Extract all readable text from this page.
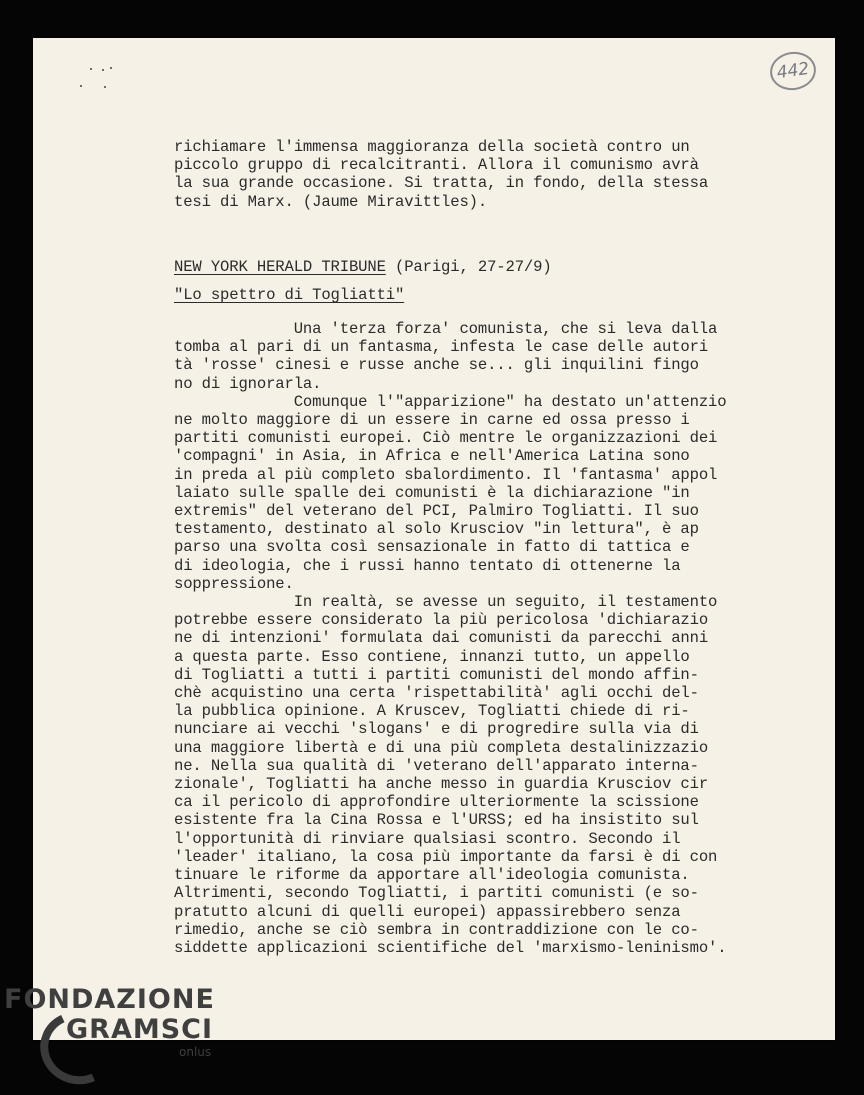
442
richiamare l'immensa maggioranza della società contro un
piccolo gruppo di recalcitranti. Allora il comunismo avrà
la sua grande occasione. Si tratta, in fondo, della stessa
tesi di Marx. (Jaume Miravittles).
NEW YORK HERALD TRIBUNE (Parigi, 27-27/9)
"Lo spettro di Togliatti"
Una 'terza forza' comunista, che si leva dalla
tomba al pari di un fantasma, infesta le case delle autori
tà 'rosse' cinesi e russe anche se... gli inquilini fingo
no di ignorarla.
Comunque l'"apparizione" ha destato un'attenzio
ne molto maggiore di un essere in carne ed ossa presso i
partiti comunisti europei. Ciò mentre le organizzazioni dei
'compagni' in Asia, in Africa e nell'America Latina sono
in preda al più completo sbalordimento. Il 'fantasma' appol
laiato sulle spalle dei comunisti è la dichiarazione "in
extremis" del veterano del PCI, Palmiro Togliatti. Il suo
testamento, destinato al solo Krusciov "in lettura", è ap
parso una svolta così sensazionale in fatto di tattica e
di ideologia, che i russi hanno tentato di ottenerne la
soppressione.
In realtà, se avesse un seguito, il testamento
potrebbe essere considerato la più pericolosa 'dichiarazio
ne di intenzioni' formulata dai comunisti da parecchi anni
a questa parte. Esso contiene, innanzi tutto, un appello
di Togliatti a tutti i partiti comunisti del mondo affin-
chè acquistino una certa 'rispettabilità' agli occhi del-
la pubblica opinione. A Kruscev, Togliatti chiede di ri-
nunciare ai vecchi 'slogans' e di progredire sulla via di
una maggiore libertà e di una più completa destalinizzazio
ne. Nella sua qualità di 'veterano dell'apparato interna-
zionale', Togliatti ha anche messo in guardia Krusciov cir
ca il pericolo di approfondire ulteriormente la scissione
esistente fra la Cina Rossa e l'URSS; ed ha insistito sul
l'opportunità di rinviare qualsiasi scontro. Secondo il
'leader' italiano, la cosa più importante da farsi è di con
tinuare le riforme da apportare all'ideologia comunista.
Altrimenti, secondo Togliatti, i partiti comunisti (e so-
pratutto alcuni di quelli europei) appassirebbero senza
rimedio, anche se ciò sembra in contraddizione con le co-
siddette applicazioni scientifiche del 'marxismo-leninismo'.
FONDAZIONE
GRAMSCI
onlus
